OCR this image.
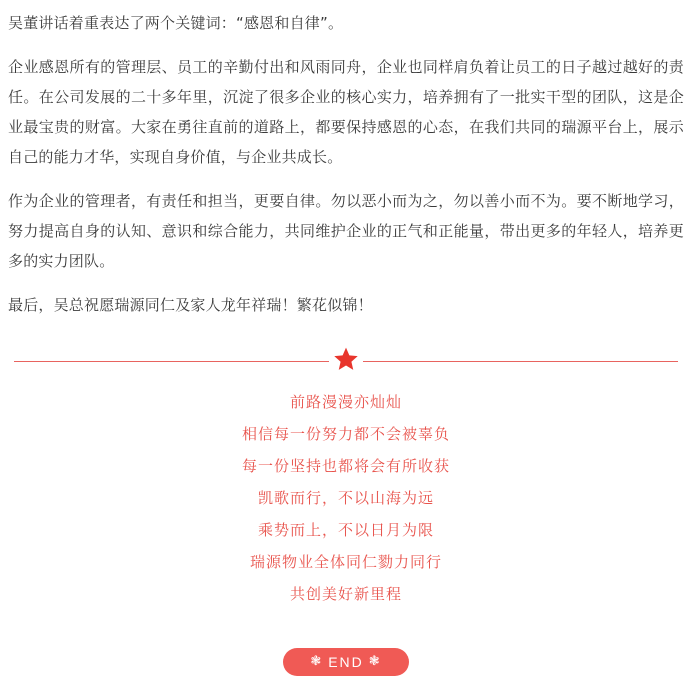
吴董讲话着重表达了两个关键词：“感恩和自律”。

企业感恩所有的管理层、员工的辛勤付出和风雨同舟，企业也同样肩负着让员工的日子越过越好的责任。在公司发展的二十多年里，沉淀了很多企业的核心实力，培养拥有了一批实干型的团队，这是企业最宝贵的财富。大家在勇往直前的道路上，都要保持感恩的心态，在我们共同的瑞源平台上，展示自己的能力才华，实现自身价值，与企业共成长。

作为企业的管理者，有责任和担当，更要自律。勿以恶小而为之，勿以善小而不为。要不断地学习，努力提高自身的认知、意识和综合能力，共同维护企业的正气和正能量，带出更多的年轻人，培养更多的实力团队。

最后，吴总祝愿瑞源同仁及家人龙年祥瑞！繁花似锦！

前路漫漫亦灿灿
相信每一份努力都不会被辜负
每一份坚持也都将会有所收获
凯歌而行，不以山海为远
乘势而上，不以日月为限
瑞源物业全体同仁勠力同行
共创美好新里程
❃ END ❃
